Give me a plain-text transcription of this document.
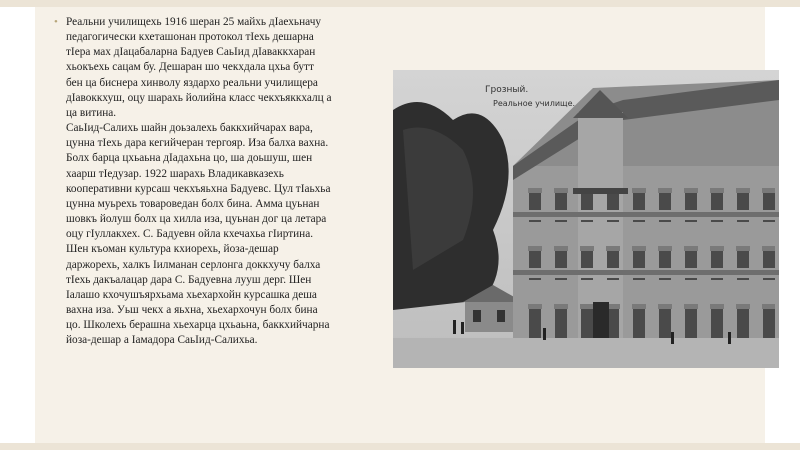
• Реальни училищехь 1916 шеран 25 майхь дIаехьначу
педагогически кхеташонан протокол тIехь дешарна
тIера мах дIацабаларна Бадуев СаьIид дIаваккхаран
хьокъехь сацам бу. Дешаран шо чекхдала цхьа бутт
бен ца биснера хинволу яздархо реальни училищера
дIавоккхуш, оцу шарахь йолийна класс чекхъяккхалц а
ца витина.
СаьIид-Салихь шайн доьзалехь баккхийчарах вара,
цунна тIехь дара кегийчеран тергояр. Иза балха вахна.
Болх барца цхьаьна дIадахьна цо, ша доьшуш, шен
хаарш тIедузар. 1922 шарахь Владикавказехь
кооперативни курсаш чекхъяьхна Бадуевс. Цул тIаьхьа
цунна муьрехь товароведан болх бина. Амма цуьнан
шовкъ йолуш болх ца хилла иза, цуьнан дог ца летара
оцу гIуллакхех. С. Бадуевн ойла кхечахьа гIиртина.
Шен къоман культура кхиорехь, йоза-дешар
даржорехь, халкъ Iилманан серлонга доккхучу балха
тIехь дакъалацар дара С. Бадуевна лууш дерг. Шен
Iалашо кхочушъярхьама хьехархойн курсашка деша
вахна иза. Уьш чекх а яьхна, хьехархочун болх бина
цо. Школехь берашна хьехарца цхьаьна, баккхийчарна
йоза-дешар а Iамадора СаьIид-Салихьа.

Грозный.
Реальное училище.
